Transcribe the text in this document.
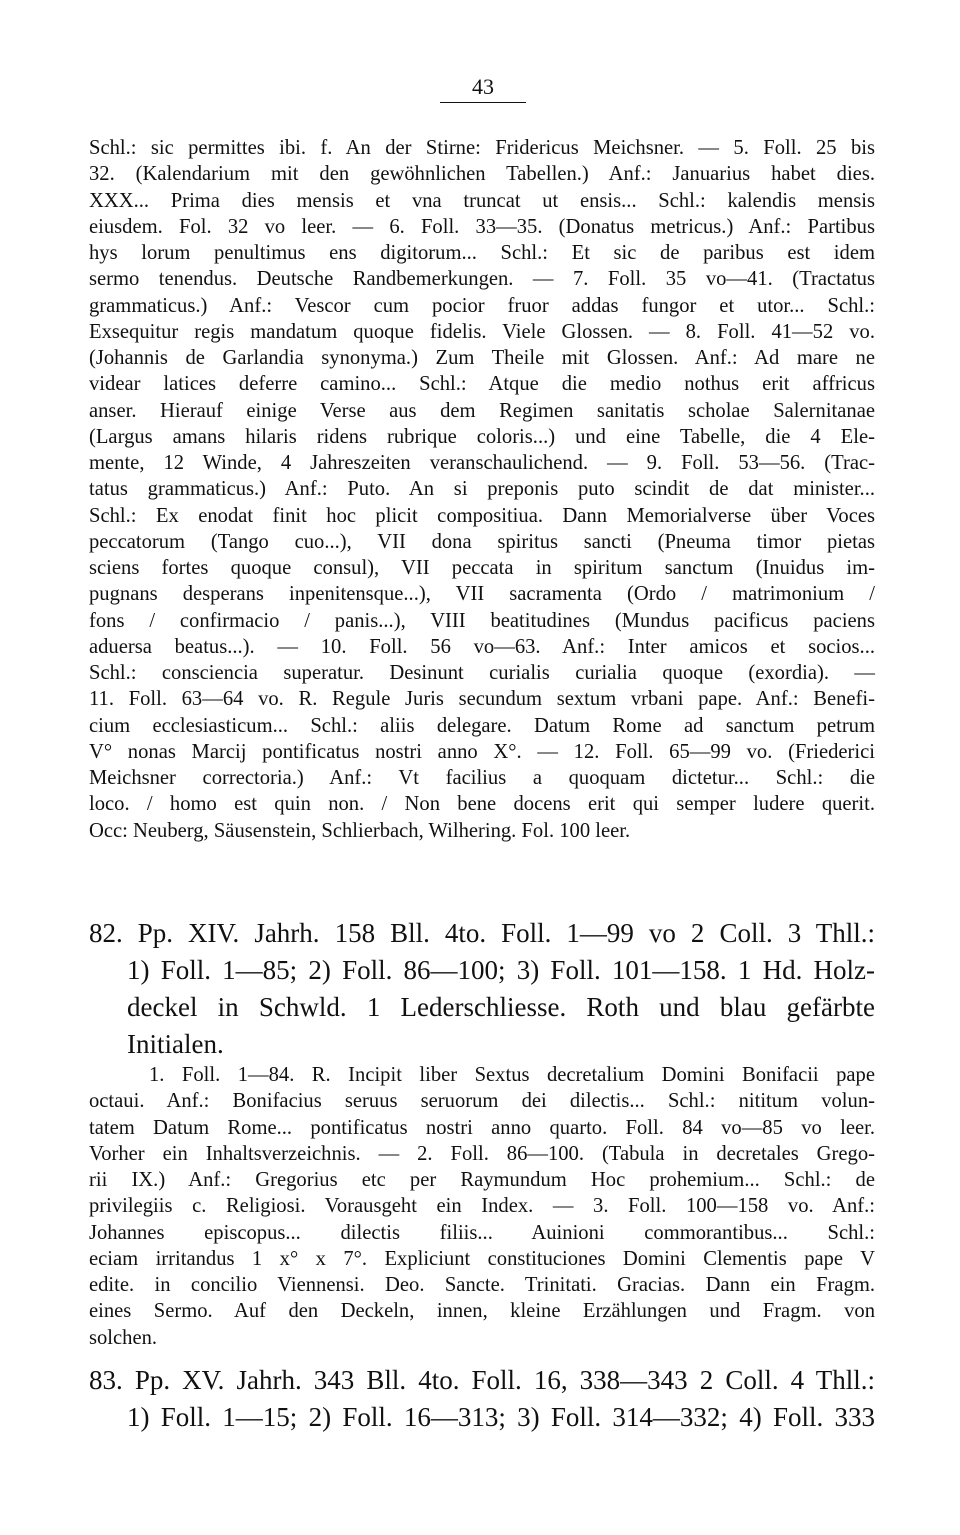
43
Schl.: sic permittes ibi. f. An der Stirne: Fridericus Meichsner. — 5. Foll. 25 bis
32. (Kalendarium mit den gewöhnlichen Tabellen.) Anf.: Januarius habet dies.
XXX... Prima dies mensis et vna truncat ut ensis... Schl.: kalendis mensis
eiusdem. Fol. 32 vo leer. — 6. Foll. 33—35. (Donatus metricus.) Anf.: Partibus
hys lorum penultimus ens digitorum... Schl.: Et sic de paribus est idem
sermo tenendus. Deutsche Randbemerkungen. — 7. Foll. 35 vo—41. (Tractatus
grammaticus.) Anf.: Vescor cum pocior fruor addas fungor et utor... Schl.:
Exsequitur regis mandatum quoque fidelis. Viele Glossen. — 8. Foll. 41—52 vo.
(Johannis de Garlandia synonyma.) Zum Theile mit Glossen. Anf.: Ad mare ne
videar latices deferre camino... Schl.: Atque die medio nothus erit affricus
anser. Hierauf einige Verse aus dem Regimen sanitatis scholae Salernitanae
(Largus amans hilaris ridens rubrique coloris...) und eine Tabelle, die 4 Ele-
mente, 12 Winde, 4 Jahreszeiten veranschaulichend. — 9. Foll. 53—56. (Trac-
tatus grammaticus.) Anf.: Puto. An si preponis puto scindit de dat minister...
Schl.: Ex enodat finit hoc plicit compositiua. Dann Memorialverse über Voces
peccatorum (Tango cuo...), VII dona spiritus sancti (Pneuma timor pietas
sciens fortes quoque consul), VII peccata in spiritum sanctum (Inuidus im-
pugnans desperans inpenitensque...), VII sacramenta (Ordo / matrimonium /
fons / confirmacio / panis...), VIII beatitudines (Mundus pacificus paciens
aduersa beatus...). — 10. Foll. 56 vo—63. Anf.: Inter amicos et socios...
Schl.: consciencia superatur. Desinunt curialis curialia quoque (exordia). —
11. Foll. 63—64 vo. R. Regule Juris secundum sextum vrbani pape. Anf.: Benefi-
cium ecclesiasticum... Schl.: aliis delegare. Datum Rome ad sanctum petrum
V° nonas Marcij pontificatus nostri anno X°. — 12. Foll. 65—99 vo. (Friederici
Meichsner correctoria.) Anf.: Vt facilius a quoquam dictetur... Schl.: die
loco. / homo est quin non. / Non bene docens erit qui semper ludere querit.
Occ: Neuberg, Säusenstein, Schlierbach, Wilhering. Fol. 100 leer.
82. Pp. XIV. Jahrh. 158 Bll. 4to. Foll. 1—99 vo 2 Coll. 3 Thll.:
1) Foll. 1—85; 2) Foll. 86—100; 3) Foll. 101—158. 1 Hd. Holz-
deckel in Schwld. 1 Lederschliesse. Roth und blau gefärbte
Initialen.
1. Foll. 1—84. R. Incipit liber Sextus decretalium Domini Bonifacii pape
octaui. Anf.: Bonifacius seruus seruorum dei dilectis... Schl.: nititum volun-
tatem Datum Rome... pontificatus nostri anno quarto. Foll. 84 vo—85 vo leer.
Vorher ein Inhaltsverzeichnis. — 2. Foll. 86—100. (Tabula in decretales Grego-
rii IX.) Anf.: Gregorius etc per Raymundum Hoc prohemium... Schl.: de
privilegiis c. Religiosi. Vorausgeht ein Index. — 3. Foll. 100—158 vo. Anf.:
Johannes episcopus... dilectis filiis... Auinioni commorantibus... Schl.:
eciam irritandus 1 x° x 7°. Expliciunt constituciones Domini Clementis pape V
edite. in concilio Viennensi. Deo. Sancte. Trinitati. Gracias. Dann ein Fragm.
eines Sermo. Auf den Deckeln, innen, kleine Erzählungen und Fragm. von
solchen.
83. Pp. XV. Jahrh. 343 Bll. 4to. Foll. 16, 338—343 2 Coll. 4 Thll.:
1) Foll. 1—15; 2) Foll. 16—313; 3) Foll. 314—332; 4) Foll. 333
